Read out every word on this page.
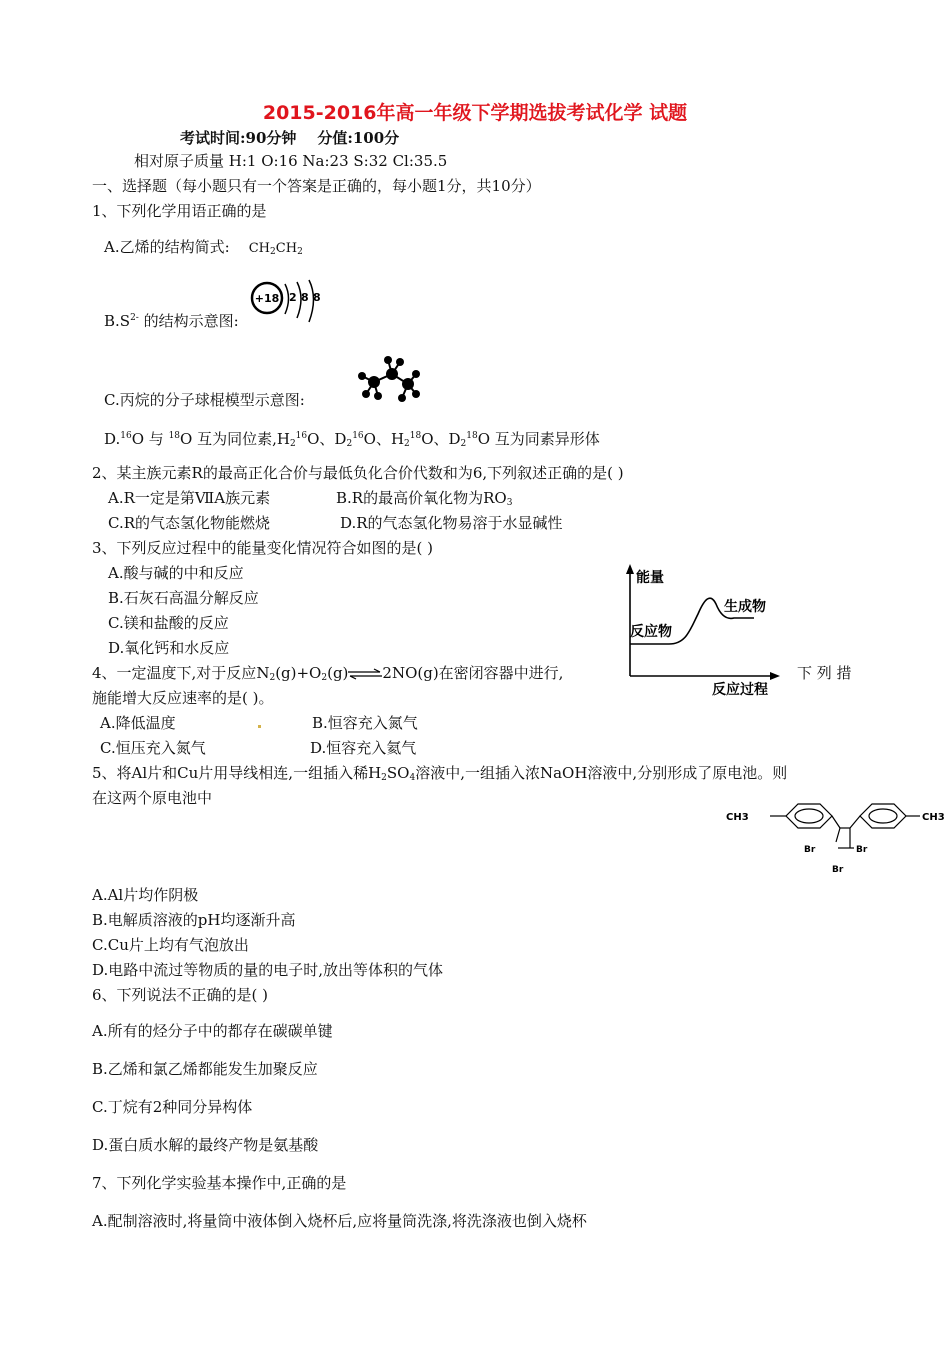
2015-2016年高一年级下学期选拔考试化学 试题
考试时间:90分钟 分值:100分
相对原子质量 H:1 O:16 Na:23 S:32 Cl:35.5
一、选择题（每小题只有一个答案是正确的，每小题1分，共10分）
1、下列化学用语正确的是
A.乙烯的结构简式: $CH_2CH_2$
+18 2 8 8
$B.S^{2-}$ 的结构示意图:
C.丙烷的分子球棍模型示意图:
D.$^{16}$O 与 $^{18}$O 互为同位素$,H_2^{16}O$、$D_2^{16}O$、$H_2^{18}O$、$D_2^{18}O$ 互为同素异形体
2、某主族元素R的最高正化合价与最低负化合价代数和为6,下列叙述正确的是( )
A.R一定是第ⅦA族元素	B.R的最高价氧化物为$RO_3$
C.R的气态氢化物能燃烧	D.R的气态氢化物易溶于水显碱性
3、下列反应过程中的能量变化情况符合如图的是( )
A.酸与碱的中和反应
B.石灰石高温分解反应
C.镁和盐酸的反应
D.氧化钙和水反应
能量
反应物
生成物
反应过程
4、一定温度下,对于反应$N_2(g)+O_2(g)\rightleftharpoons 2NO(g)$在密闭容器中进行,	下 列 措
施能增大反应速率的是( )。
A.降低温度	B.恒容充入氮气
C.恒压充入氮气	D.恒容充入氦气
5、将Al片和Cu片用导线相连,一组插入稀$H_2SO_4$溶液中,一组插入浓NaOH溶液中,分别形成了原电池。则
在这两个原电池中
CH3	CH3
Br	Br
Br
A.Al片均作阴极
B.电解质溶液的pH均逐渐升高
C.Cu片上均有气泡放出
D.电路中流过等物质的量的电子时,放出等体积的气体
6、下列说法不正确的是( )
A.所有的烃分子中的都存在碳碳单键
B.乙烯和氯乙烯都能发生加聚反应
C.丁烷有2种同分异构体
D.蛋白质水解的最终产物是氨基酸
7、下列化学实验基本操作中,正确的是
A.配制溶液时,将量筒中液体倒入烧杯后,应将量筒洗涤,将洗涤液也倒入烧杯
